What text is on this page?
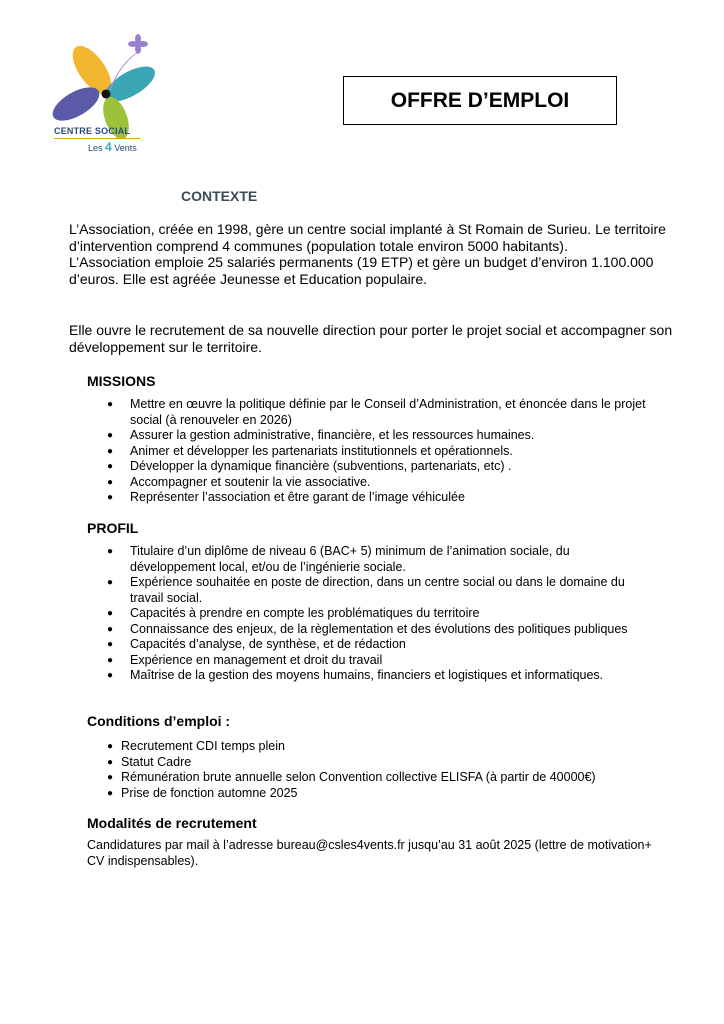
CENTRE SOCIAL
Les 4 Vents
OFFRE D’EMPLOI
CONTEXTE
L’Association, créée en 1998, gère un centre social implanté à St Romain de Surieu. Le territoire d’intervention comprend 4 communes (population totale environ 5000 habitants).
L’Association emploie 25 salariés permanents (19 ETP) et gère un budget d’environ 1.100.000 d’euros. Elle est agréée Jeunesse et Education populaire.
Elle ouvre le recrutement de sa nouvelle direction pour porter le projet social et accompagner son développement sur le territoire.
MISSIONS
● Mettre en œuvre la politique définie par le Conseil d’Administration, et énoncée dans le projet social (à renouveler en 2026)
● Assurer la gestion administrative, financière, et les ressources humaines.
● Animer et développer les partenariats institutionnels et opérationnels.
● Développer la dynamique financière (subventions, partenariats, etc) .
● Accompagner et soutenir la vie associative.
● Représenter l’association et être garant de l’image véhiculée
PROFIL
● Titulaire d’un diplôme de niveau 6 (BAC+ 5) minimum de l’animation sociale, du développement local, et/ou de l’ingénierie sociale.
● Expérience souhaitée en poste de direction, dans un centre social ou dans le domaine du travail social.
● Capacités à prendre en compte les problématiques du territoire
● Connaissance des enjeux, de la règlementation et des évolutions des politiques publiques
● Capacités d’analyse, de synthèse, et de rédaction
● Expérience en management et droit du travail
● Maîtrise de la gestion des moyens humains, financiers et logistiques et informatiques.
Conditions d’emploi :
● Recrutement CDI temps plein
● Statut Cadre
● Rémunération brute annuelle selon Convention collective ELISFA (à partir de 40000€)
● Prise de fonction automne 2025
Modalités de recrutement
Candidatures par mail à l’adresse bureau@csles4vents.fr jusqu’au 31 août 2025 (lettre de motivation+ CV indispensables).
